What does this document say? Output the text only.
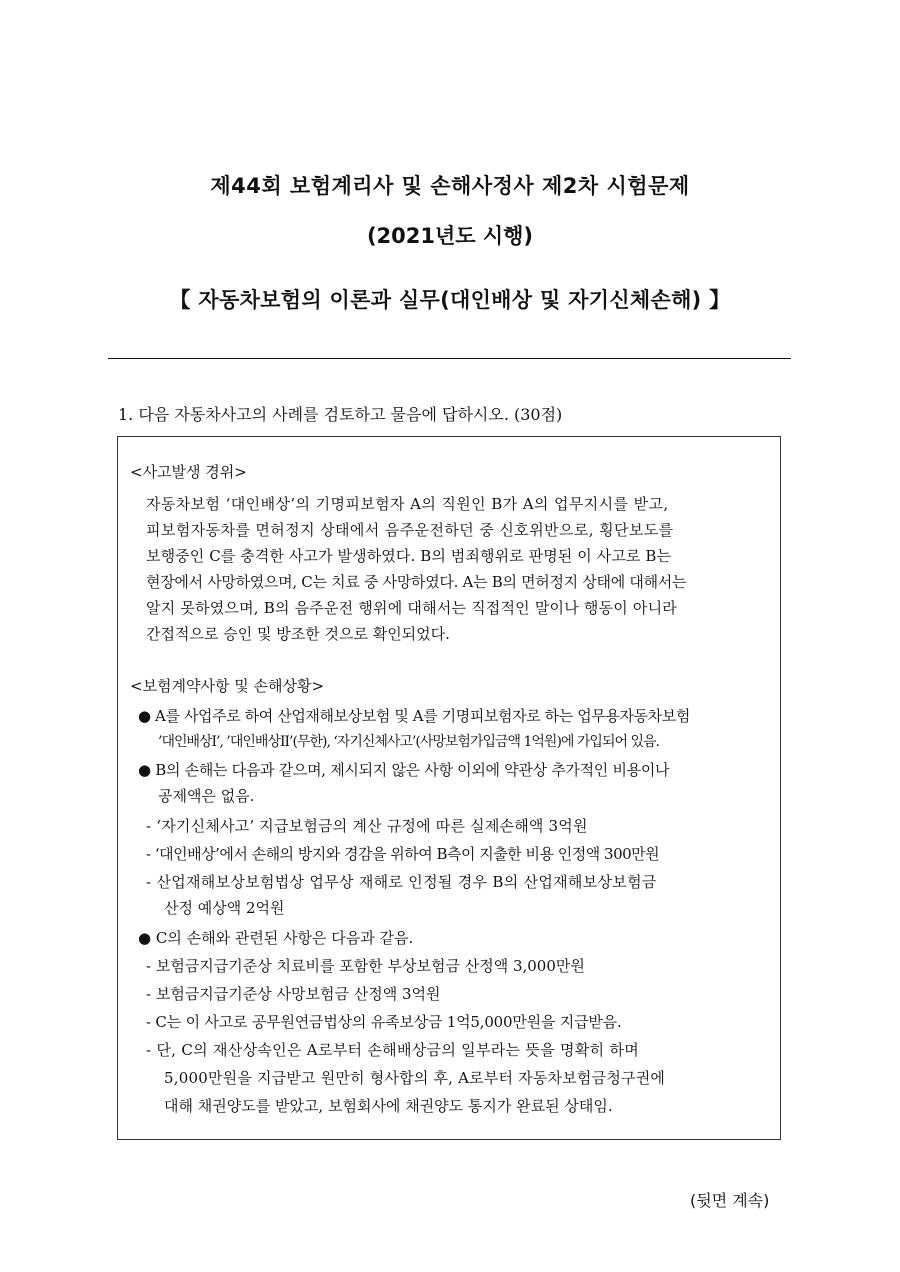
제44회 보험계리사 및 손해사정사 제2차 시험문제
(2021년도 시행)
【 자동차보험의 이론과 실무(대인배상 및 자기신체손해) 】
1. 다음 자동차사고의 사례를 검토하고 물음에 답하시오. (30점)
<사고발생 경위>
자동차보험 ‘대인배상’의 기명피보험자 A의 직원인 B가 A의 업무지시를 받고,
피보험자동차를 면허정지 상태에서 음주운전하던 중 신호위반으로, 횡단보도를
보행중인 C를 충격한 사고가 발생하였다. B의 범죄행위로 판명된 이 사고로 B는
현장에서 사망하였으며, C는 치료 중 사망하였다. A는 B의 면허정지 상태에 대해서는
알지 못하였으며, B의 음주운전 행위에 대해서는 직접적인 말이나 행동이 아니라
간접적으로 승인 및 방조한 것으로 확인되었다.
<보험계약사항 및 손해상황>
● A를 사업주로 하여 산업재해보상보험 및 A를 기명피보험자로 하는 업무용자동차보험
’대인배상I’, ’대인배상II’(무한), ‘자기신체사고’(사망보험가입금액 1억원)에 가입되어 있음.
● B의 손해는 다음과 같으며, 제시되지 않은 사항 이외에 약관상 추가적인 비용이나
공제액은 없음.
- ‘자기신체사고’ 지급보험금의 계산 규정에 따른 실제손해액 3억원
- ‘대인배상’에서 손해의 방지와 경감을 위하여 B측이 지출한 비용 인정액 300만원
- 산업재해보상보험법상 업무상 재해로 인정될 경우 B의 산업재해보상보험금
산정 예상액 2억원
● C의 손해와 관련된 사항은 다음과 같음.
- 보험금지급기준상 치료비를 포함한 부상보험금 산정액 3,000만원
- 보험금지급기준상 사망보험금 산정액 3억원
- C는 이 사고로 공무원연금법상의 유족보상금 1억5,000만원을 지급받음.
- 단, C의 재산상속인은 A로부터 손해배상금의 일부라는 뜻을 명확히 하며
5,000만원을 지급받고 원만히 형사합의 후, A로부터 자동차보험금청구권에
대해 채권양도를 받았고, 보험회사에 채권양도 통지가 완료된 상태임.
(뒷면 계속)
